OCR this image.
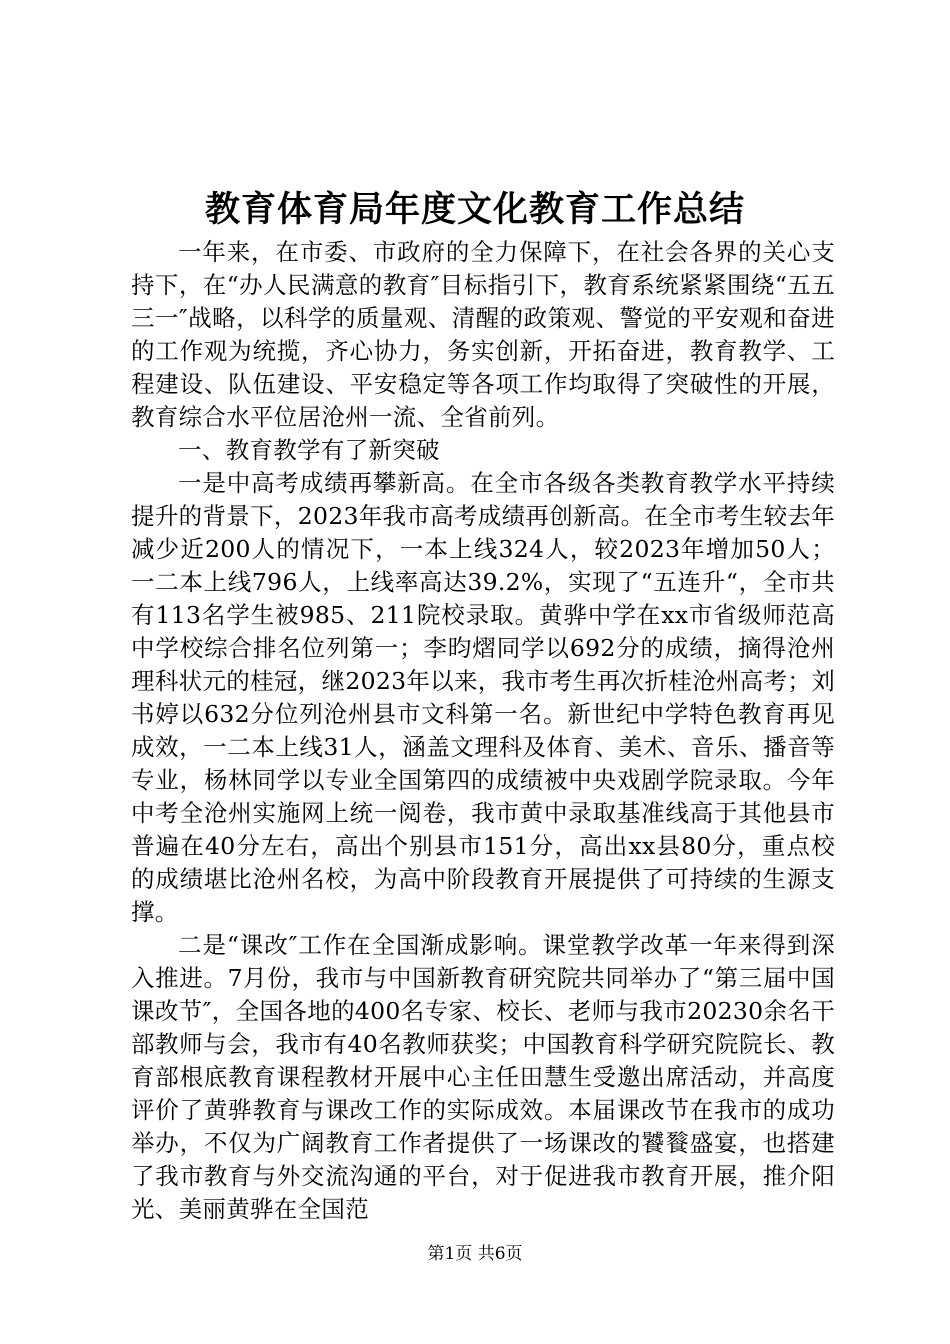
教育体育局年度文化教育工作总结

一年来，在市委、市政府的全力保障下，在社会各界的关心支持下，在“办人民满意的教育″目标指引下，教育系统紧紧围绕“五五三一″战略，以科学的质量观、清醒的政策观、警觉的平安观和奋进的工作观为统揽，齐心协力，务实创新，开拓奋进，教育教学、工程建设、队伍建设、平安稳定等各项工作均取得了突破性的开展，教育综合水平位居沧州一流、全省前列。

一、教育教学有了新突破

一是中高考成绩再攀新高。在全市各级各类教育教学水平持续提升的背景下，2023年我市高考成绩再创新高。在全市考生较去年减少近200人的情况下，一本上线324人，较2023年增加50人；一二本上线796人，上线率高达39.2%，实现了“五连升“，全市共有113名学生被985、211院校录取。黄骅中学在xx市省级师范高中学校综合排名位列第一；李昀熠同学以692分的成绩，摘得沧州理科状元的桂冠，继2023年以来，我市考生再次折桂沧州高考；刘书婷以632分位列沧州县市文科第一名。新世纪中学特色教育再见成效，一二本上线31人，涵盖文理科及体育、美术、音乐、播音等专业，杨林同学以专业全国第四的成绩被中央戏剧学院录取。今年中考全沧州实施网上统一阅卷，我市黄中录取基准线高于其他县市普遍在40分左右，高出个别县市151分，高出xx县80分，重点校的成绩堪比沧州名校，为高中阶段教育开展提供了可持续的生源支撑。

二是“课改″工作在全国渐成影响。课堂教学改革一年来得到深入推进。7月份，我市与中国新教育研究院共同举办了“第三届中国课改节″，全国各地的400名专家、校长、老师与我市20230余名干部教师与会，我市有40名教师获奖；中国教育科学研究院院长、教育部根底教育课程教材开展中心主任田慧生受邀出席活动，并高度评价了黄骅教育与课改工作的实际成效。本届课改节在我市的成功举办，不仅为广阔教育工作者提供了一场课改的饕餮盛宴，也搭建了我市教育与外交流沟通的平台，对于促进我市教育开展，推介阳光、美丽黄骅在全国范

第1页 共6页
